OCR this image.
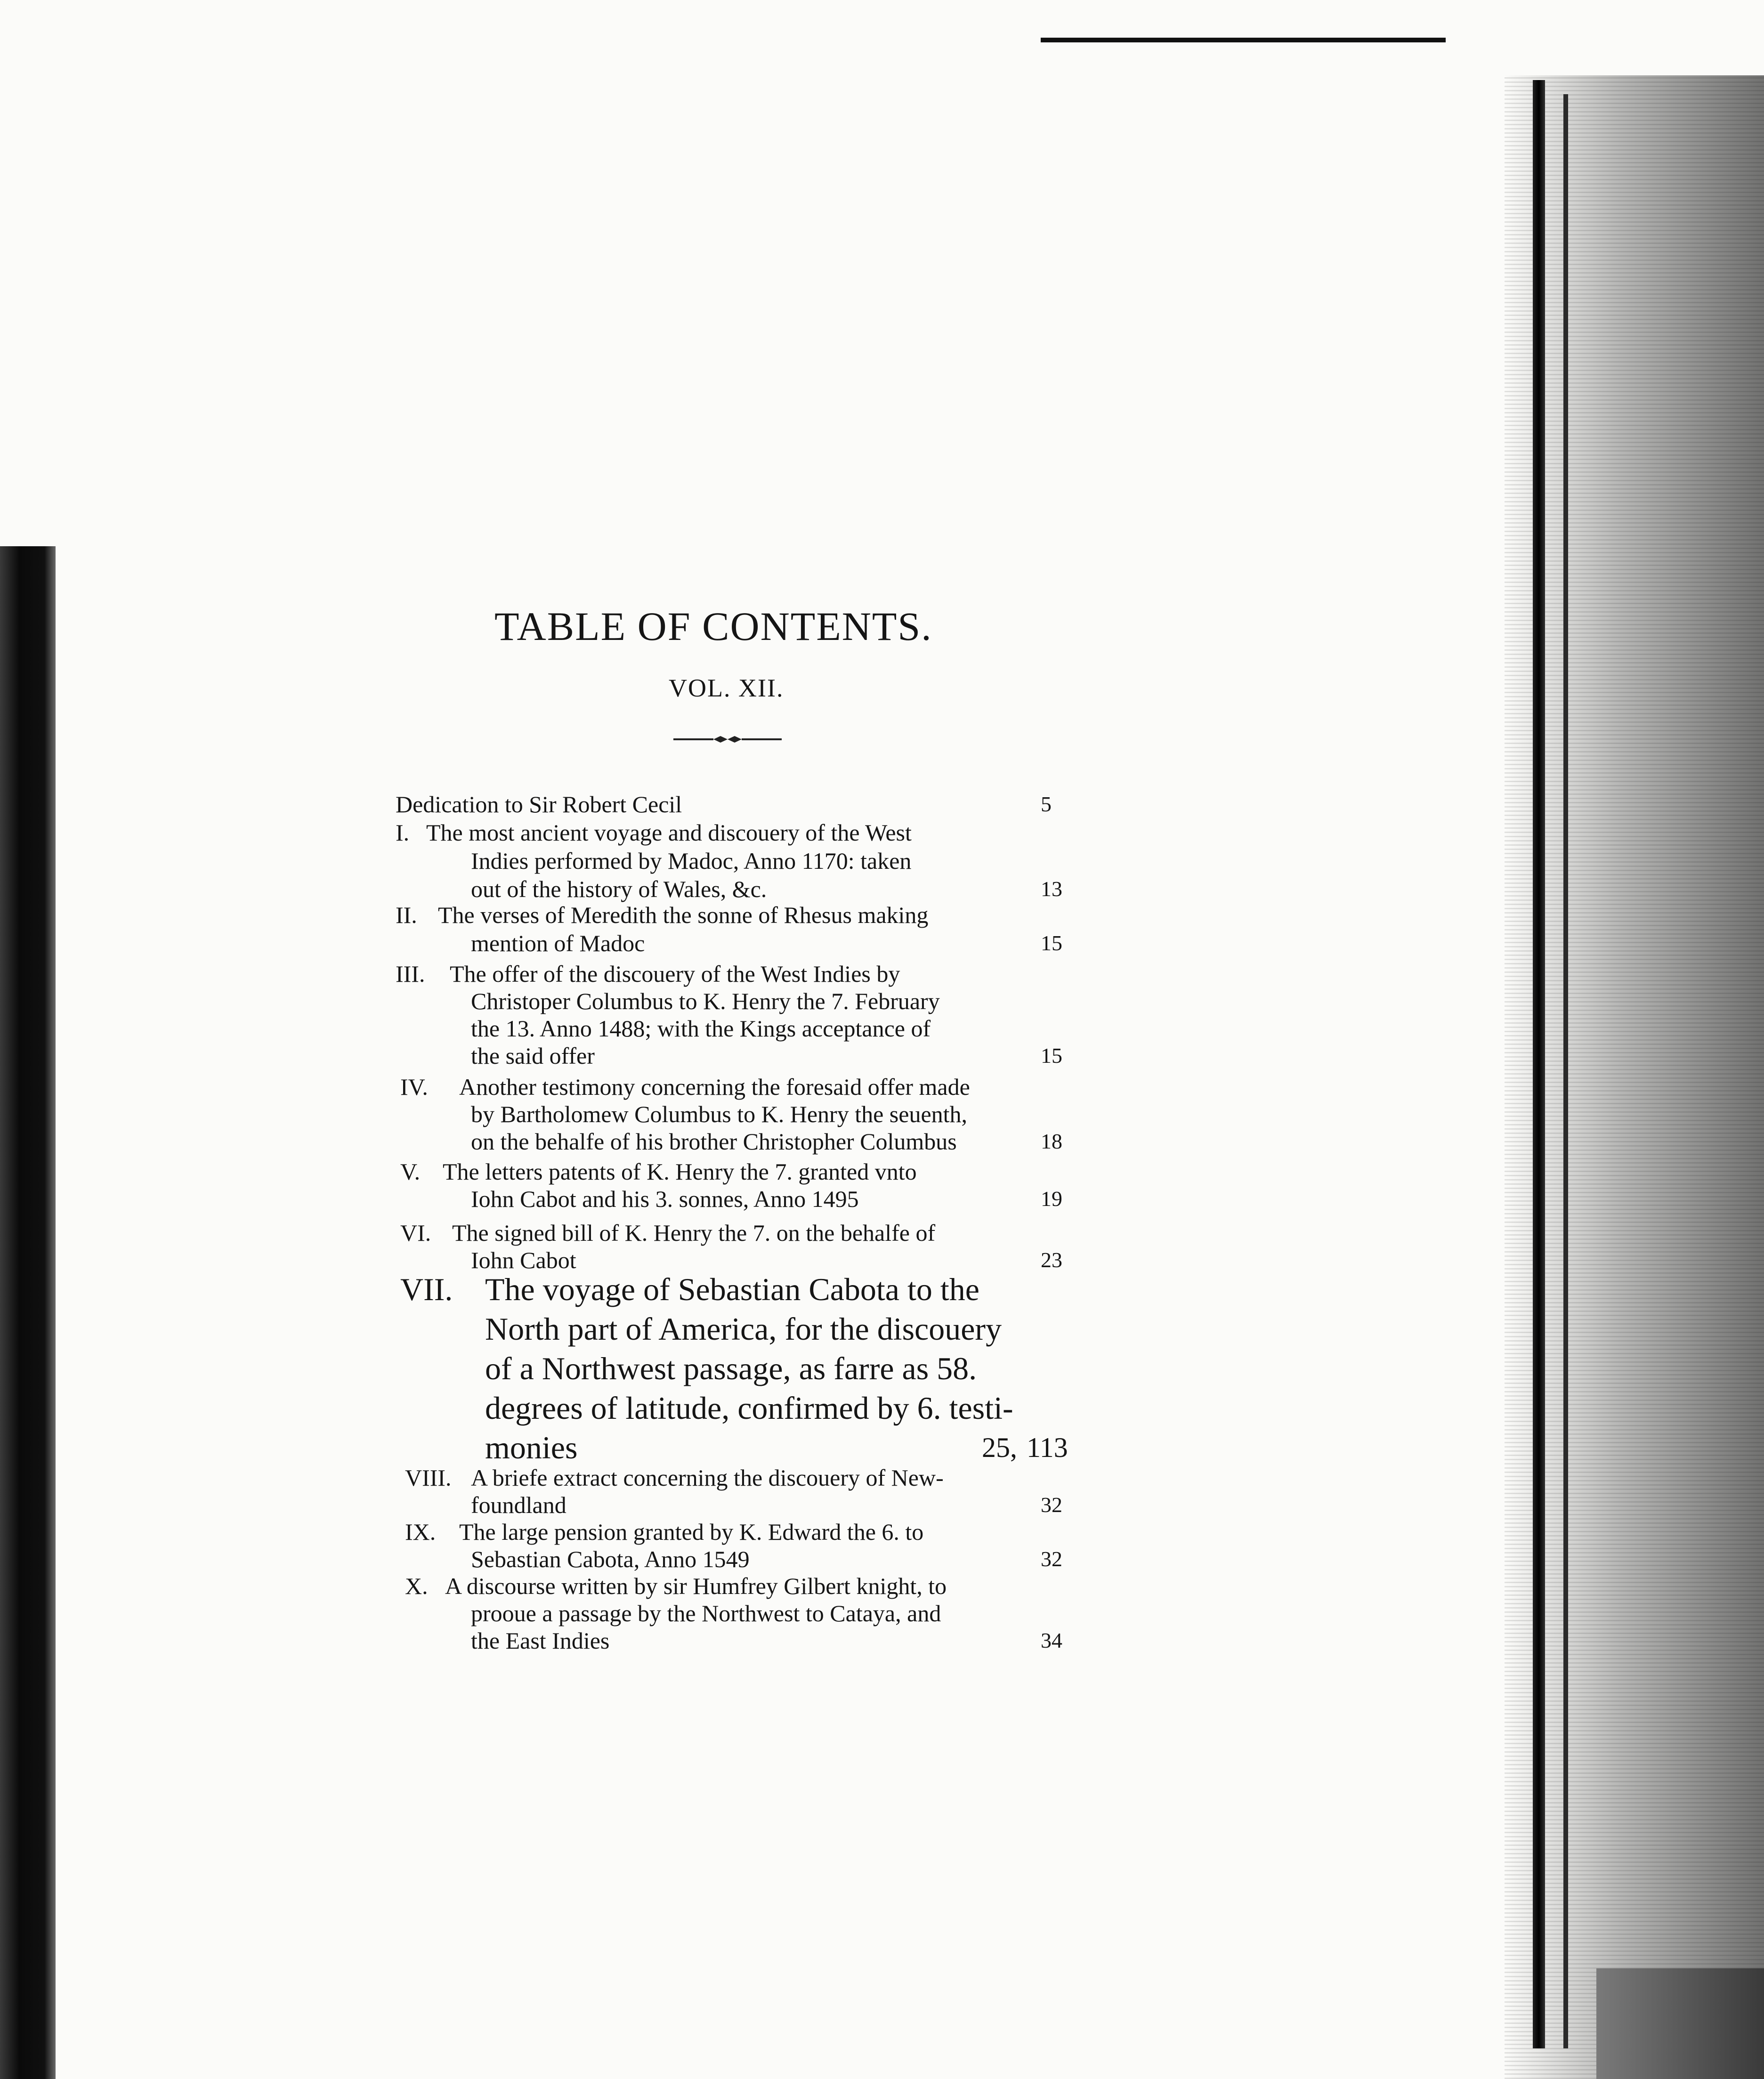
TABLE OF CONTENTS.
VOL. XII.
Dedication to Sir Robert Cecil	5
I. The most ancient voyage and discouery of the West
Indies performed by Madoc, Anno 1170: taken
out of the history of Wales, &c.	13
II. The verses of Meredith the sonne of Rhesus making
mention of Madoc	15
III. The offer of the discouery of the West Indies by
Christoper Columbus to K. Henry the 7. February
the 13. Anno 1488; with the Kings acceptance of
the said offer	15
IV. Another testimony concerning the foresaid offer made
by Bartholomew Columbus to K. Henry the seuenth,
on the behalfe of his brother Christopher Columbus	18
V. The letters patents of K. Henry the 7. granted vnto
Iohn Cabot and his 3. sonnes, Anno 1495	19
VI. The signed bill of K. Henry the 7. on the behalfe of
Iohn Cabot	23
VII. The voyage of Sebastian Cabota to the
North part of America, for the discouery
of a Northwest passage, as farre as 58.
degrees of latitude, confirmed by 6. testi-
monies	25, 113
VIII. A briefe extract concerning the discouery of New-
foundland	32
IX. The large pension granted by K. Edward the 6. to
Sebastian Cabota, Anno 1549	32
X. A discourse written by sir Humfrey Gilbert knight, to
prooue a passage by the Northwest to Cataya, and
the East Indies	34
